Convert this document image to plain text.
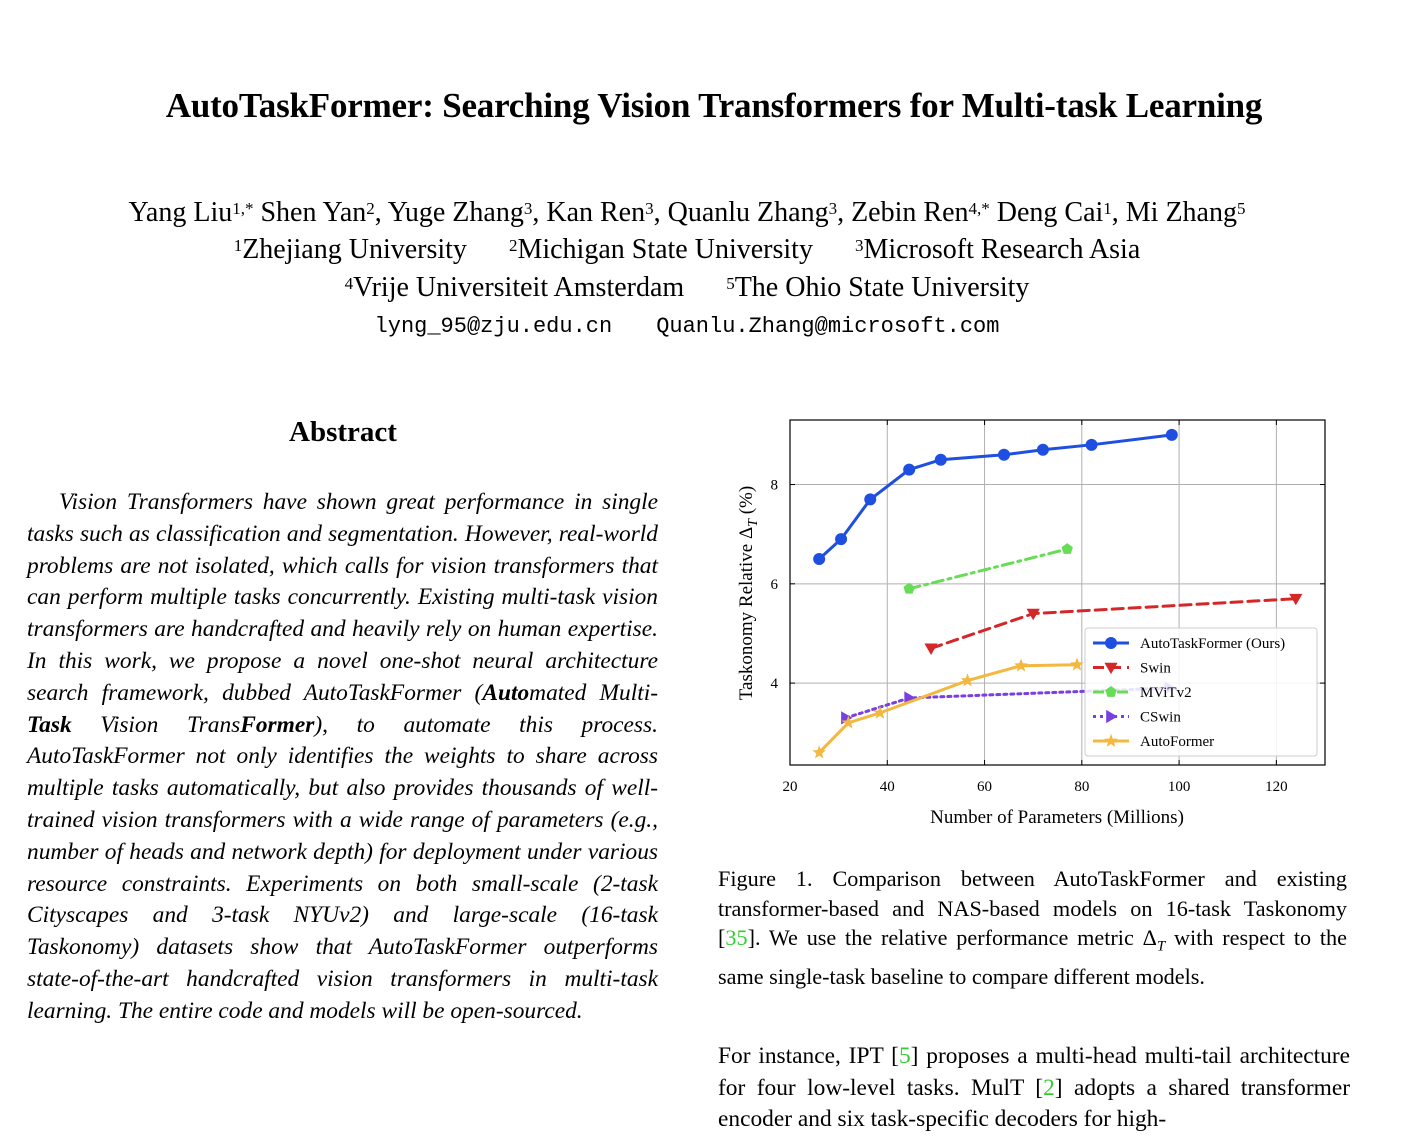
AutoTaskFormer: Searching Vision Transformers for Multi-task Learning
Yang Liu$^{1,*}$ Shen Yan$^2$, Yuge Zhang$^3$, Kan Ren$^3$, Quanlu Zhang$^3$, Zebin Ren$^{4,*}$ Deng Cai$^1$, Mi Zhang$^5$
$^1$Zhejiang University $^2$Michigan State University $^3$Microsoft Research Asia
$^4$Vrije Universiteit Amsterdam $^5$The Ohio State University
lyng_95@zju.edu.cn Quanlu.Zhang@microsoft.com
Abstract
Vision Transformers have shown great performance in single tasks such as classification and segmentation. However, real-world problems are not isolated, which calls for vision transformers that can perform multiple tasks concurrently. Existing multi-task vision transformers are handcrafted and heavily rely on human expertise. In this work, we propose a novel one-shot neural architecture search framework, dubbed AutoTaskFormer (Automated Multi-Task Vision TransFormer), to automate this process. AutoTaskFormer not only identifies the weights to share across multiple tasks automatically, but also provides thousands of well-trained vision transformers with a wide range of parameters (e.g., number of heads and network depth) for deployment under various resource constraints. Experiments on both small-scale (2-task Cityscapes and 3-task NYUv2) and large-scale (16-task Taskonomy) datasets show that AutoTaskFormer outperforms state-of-the-art handcrafted vision transformers in multi-task learning. The entire code and models will be open-sourced.
20	40	60	80	100	120
4
6
8
Number of Parameters (Millions)
Taskonomy Relative $\Delta_T$ (%)
AutoTaskFormer (Ours)
Swin
MViTv2
CSwin
AutoFormer
Figure 1. Comparison between AutoTaskFormer and existing transformer-based and NAS-based models on 16-task Taskonomy [35]. We use the relative performance metric $\Delta_T$ with respect to the same single-task baseline to compare different models.
For instance, IPT [5] proposes a multi-head multi-tail architecture for four low-level tasks. MulT [2] adopts a shared transformer encoder and six task-specific decoders for high-
